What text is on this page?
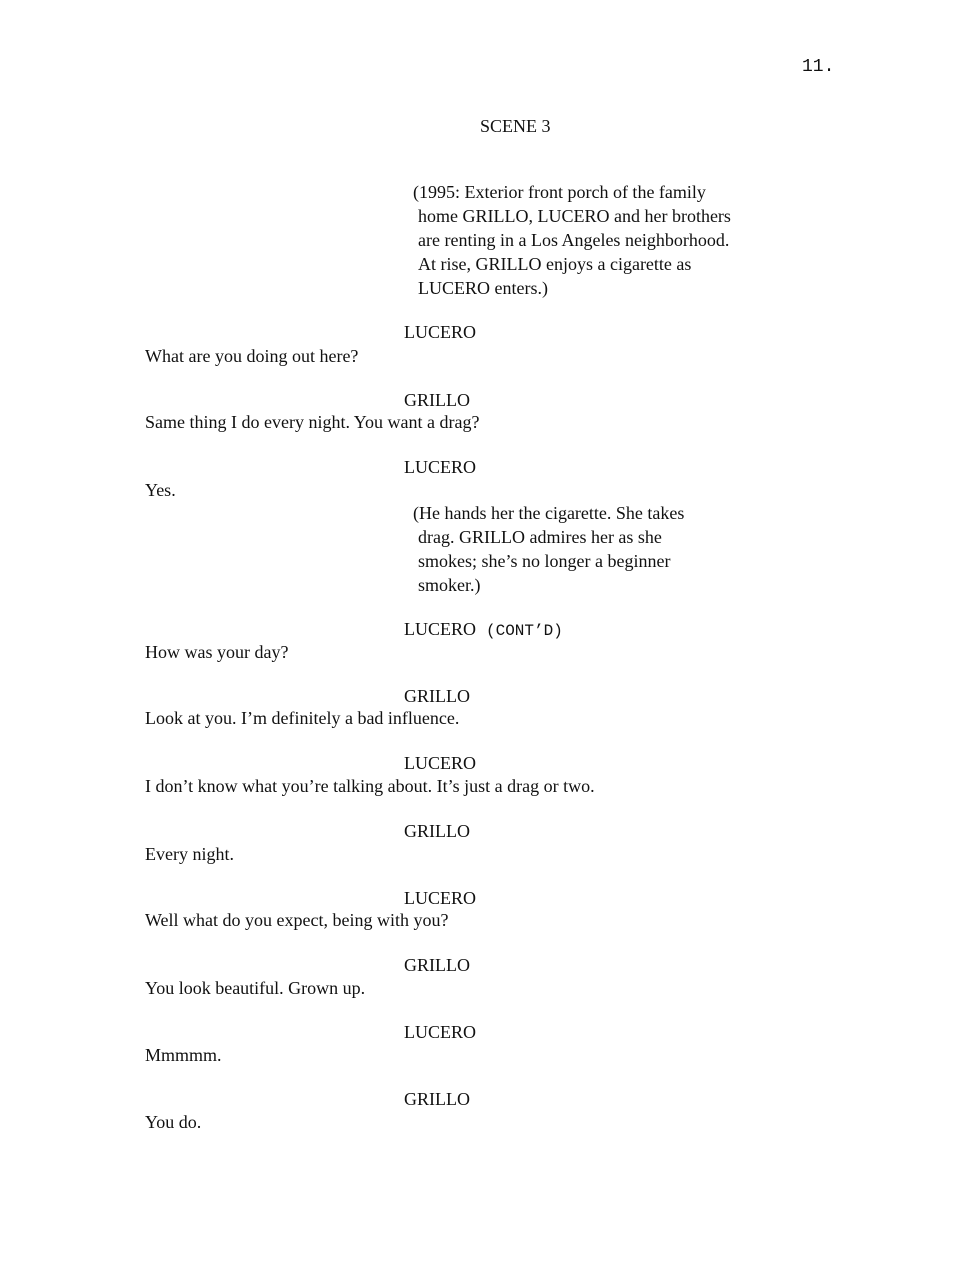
11.
SCENE 3
(1995: Exterior front porch of the family
home GRILLO, LUCERO and her brothers are renting in a Los Angeles neighborhood. At rise, GRILLO enjoys a cigarette as LUCERO enters.)
LUCERO
What are you doing out here?
GRILLO
Same thing I do every night. You want a drag?
LUCERO
Yes.
(He hands her the cigarette. She takes
drag. GRILLO admires her as she smokes; she’s no longer a beginner smoker.)
LUCERO (CONT’D)
How was your day?
GRILLO
Look at you. I’m definitely a bad influence.
LUCERO
I don’t know what you’re talking about. It’s just a drag or two.
GRILLO
Every night.
LUCERO
Well what do you expect, being with you?
GRILLO
You look beautiful. Grown up.
LUCERO
Mmmmm.
GRILLO
You do.
